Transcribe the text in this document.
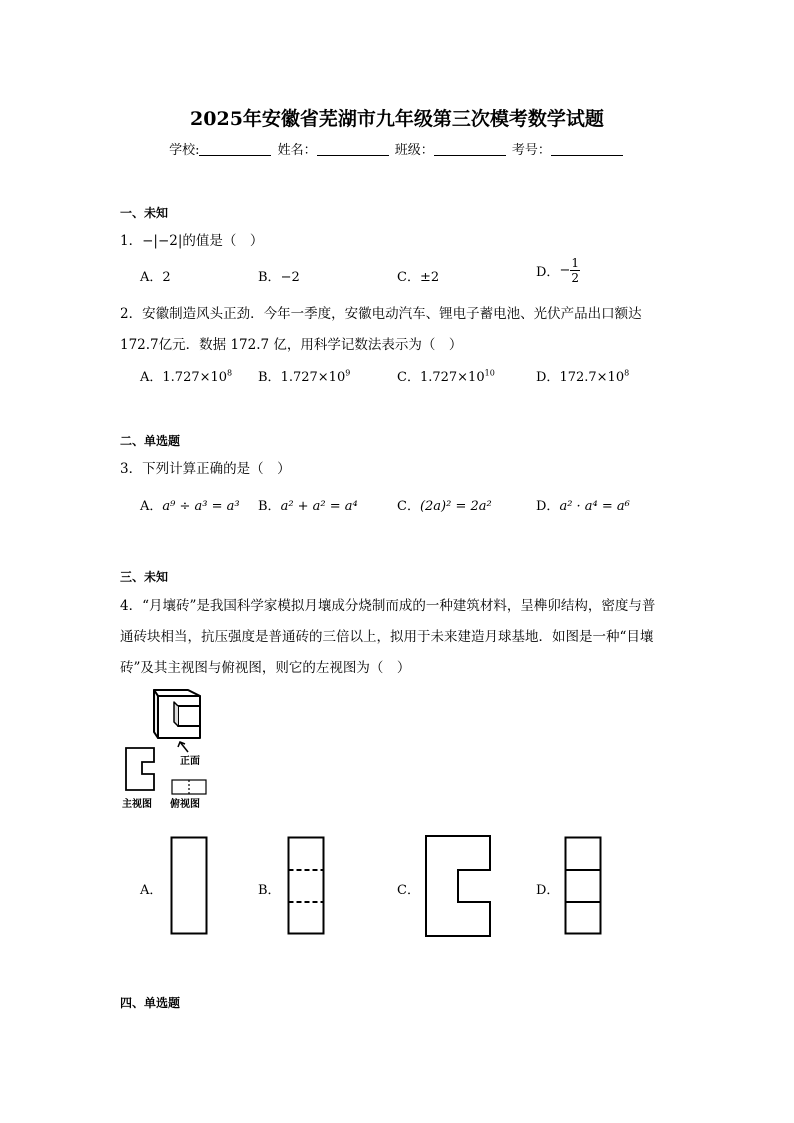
2025年安徽省芜湖市九年级第三次模考数学试题
学校:	姓名：	班级：	考号：
一、未知
1．−|−2|的值是（　）
A．2	B．−2	C．±2	D．− $\frac{1}{2}$
2．安徽制造风头正劲．今年一季度，安徽电动汽车、锂电子蓄电池、光伏产品出口额达
172.7亿元．数据 172.7 亿，用科学记数法表示为（　）
A．$1.727\times 10^8$ B．$1.727\times 10^9$	C．$1.727\times 10^{10}$	D．$172.7\times 10^8$
二、单选题
3．下列计算正确的是（　）
A．a⁹ ÷ a³ = a³ B．a² + a² = a⁴	C．(2a)² = 2a²	D．a² · a⁴ = a⁶
三、未知
4．“月壤砖”是我国科学家模拟月壤成分烧制而成的一种建筑材料，呈榫卯结构，密度与普
通砖块相当，抗压强度是普通砖的三倍以上，拟用于未来建造月球基地．如图是一种“目壤
砖”及其主视图与俯视图，则它的左视图为（　）
正面
主视图 俯视图
A．	B．	C．	D．
四、单选题
